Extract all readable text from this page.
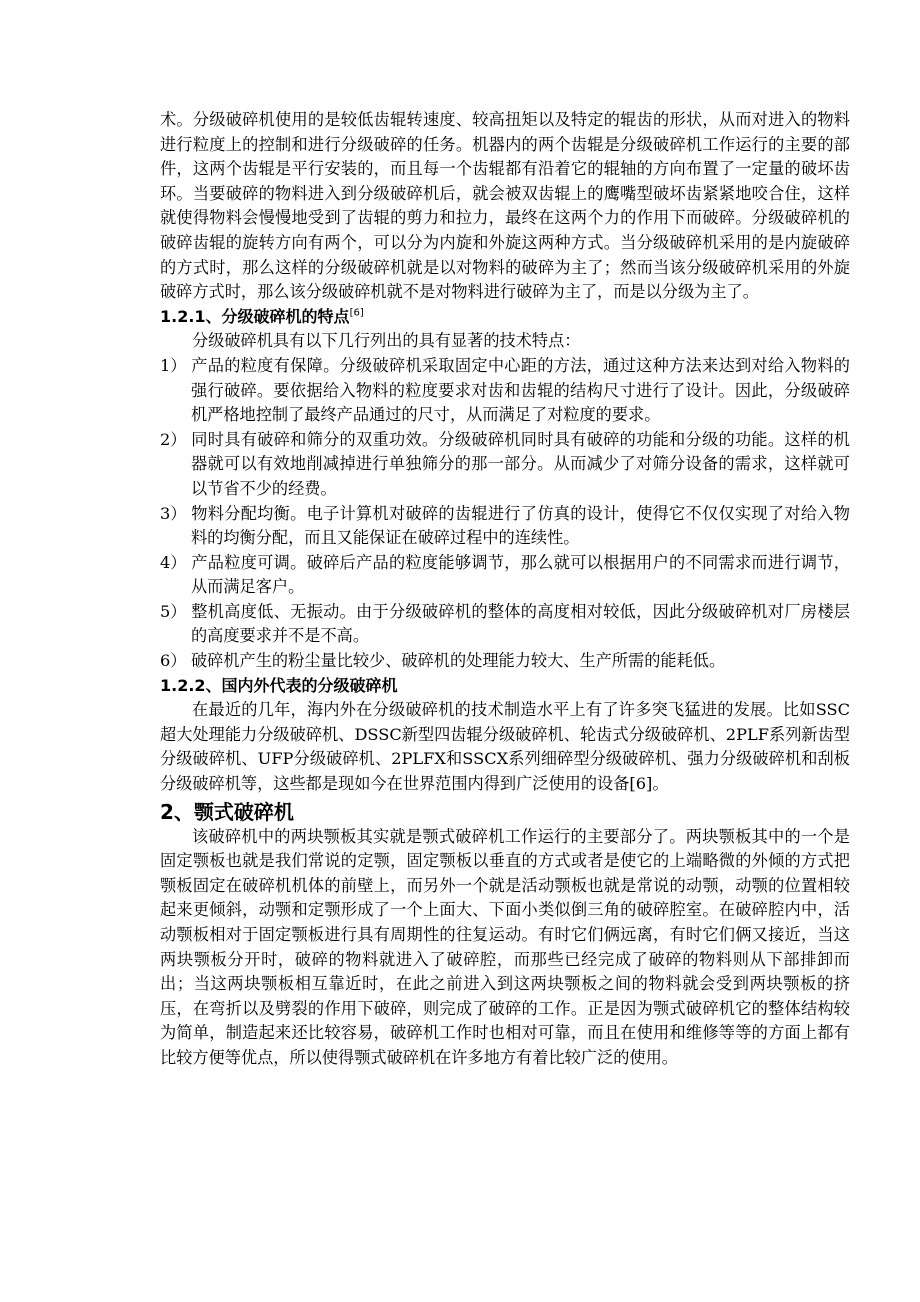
术。分级破碎机使用的是较低齿辊转速度、较高扭矩以及特定的辊齿的形状，从而对进入的物料进行粒度上的控制和进行分级破碎的任务。机器内的两个齿辊是分级破碎机工作运行的主要的部件，这两个齿辊是平行安装的，而且每一个齿辊都有沿着它的辊轴的方向布置了一定量的破坏齿环。当要破碎的物料进入到分级破碎机后，就会被双齿辊上的鹰嘴型破坏齿紧紧地咬合住，这样就使得物料会慢慢地受到了齿辊的剪力和拉力，最终在这两个力的作用下而破碎。分级破碎机的破碎齿辊的旋转方向有两个，可以分为内旋和外旋这两种方式。当分级破碎机采用的是内旋破碎的方式时，那么这样的分级破碎机就是以对物料的破碎为主了；然而当该分级破碎机采用的外旋破碎方式时，那么该分级破碎机就不是对物料进行破碎为主了，而是以分级为主了。

1.2.1、分级破碎机的特点[6]

分级破碎机具有以下几行列出的具有显著的技术特点：

1） 产品的粒度有保障。分级破碎机采取固定中心距的方法，通过这种方法来达到对给入物料的强行破碎。要依据给入物料的粒度要求对齿和齿辊的结构尺寸进行了设计。因此，分级破碎机严格地控制了最终产品通过的尺寸，从而满足了对粒度的要求。

2） 同时具有破碎和筛分的双重功效。分级破碎机同时具有破碎的功能和分级的功能。这样的机器就可以有效地削减掉进行单独筛分的那一部分。从而减少了对筛分设备的需求，这样就可以节省不少的经费。

3） 物料分配均衡。电子计算机对破碎的齿辊进行了仿真的设计，使得它不仅仅实现了对给入物料的均衡分配，而且又能保证在破碎过程中的连续性。

4） 产品粒度可调。破碎后产品的粒度能够调节，那么就可以根据用户的不同需求而进行调节，从而满足客户。

5） 整机高度低、无振动。由于分级破碎机的整体的高度相对较低，因此分级破碎机对厂房楼层的高度要求并不是不高。

6） 破碎机产生的粉尘量比较少、破碎机的处理能力较大、生产所需的能耗低。

1.2.2、国内外代表的分级破碎机

在最近的几年，海内外在分级破碎机的技术制造水平上有了许多突飞猛进的发展。比如SSC超大处理能力分级破碎机、DSSC新型四齿辊分级破碎机、轮齿式分级破碎机、2PLF系列新齿型分级破碎机、UFP分级破碎机、2PLFX和SSCX系列细碎型分级破碎机、强力分级破碎机和刮板分级破碎机等，这些都是现如今在世界范围内得到广泛使用的设备[6]。

2、颚式破碎机

该破碎机中的两块颚板其实就是颚式破碎机工作运行的主要部分了。两块颚板其中的一个是固定颚板也就是我们常说的定颚，固定颚板以垂直的方式或者是使它的上端略微的外倾的方式把颚板固定在破碎机机体的前壁上，而另外一个就是活动颚板也就是常说的动颚，动颚的位置相较起来更倾斜，动颚和定颚形成了一个上面大、下面小类似倒三角的破碎腔室。在破碎腔内中，活动颚板相对于固定颚板进行具有周期性的往复运动。有时它们俩远离，有时它们俩又接近，当这两块颚板分开时，破碎的物料就进入了破碎腔，而那些已经完成了破碎的物料则从下部排卸而出；当这两块颚板相互靠近时，在此之前进入到这两块颚板之间的物料就会受到两块颚板的挤压，在弯折以及劈裂的作用下破碎，则完成了破碎的工作。正是因为颚式破碎机它的整体结构较为简单，制造起来还比较容易，破碎机工作时也相对可靠，而且在使用和维修等等的方面上都有比较方便等优点，所以使得颚式破碎机在许多地方有着比较广泛的使用。
